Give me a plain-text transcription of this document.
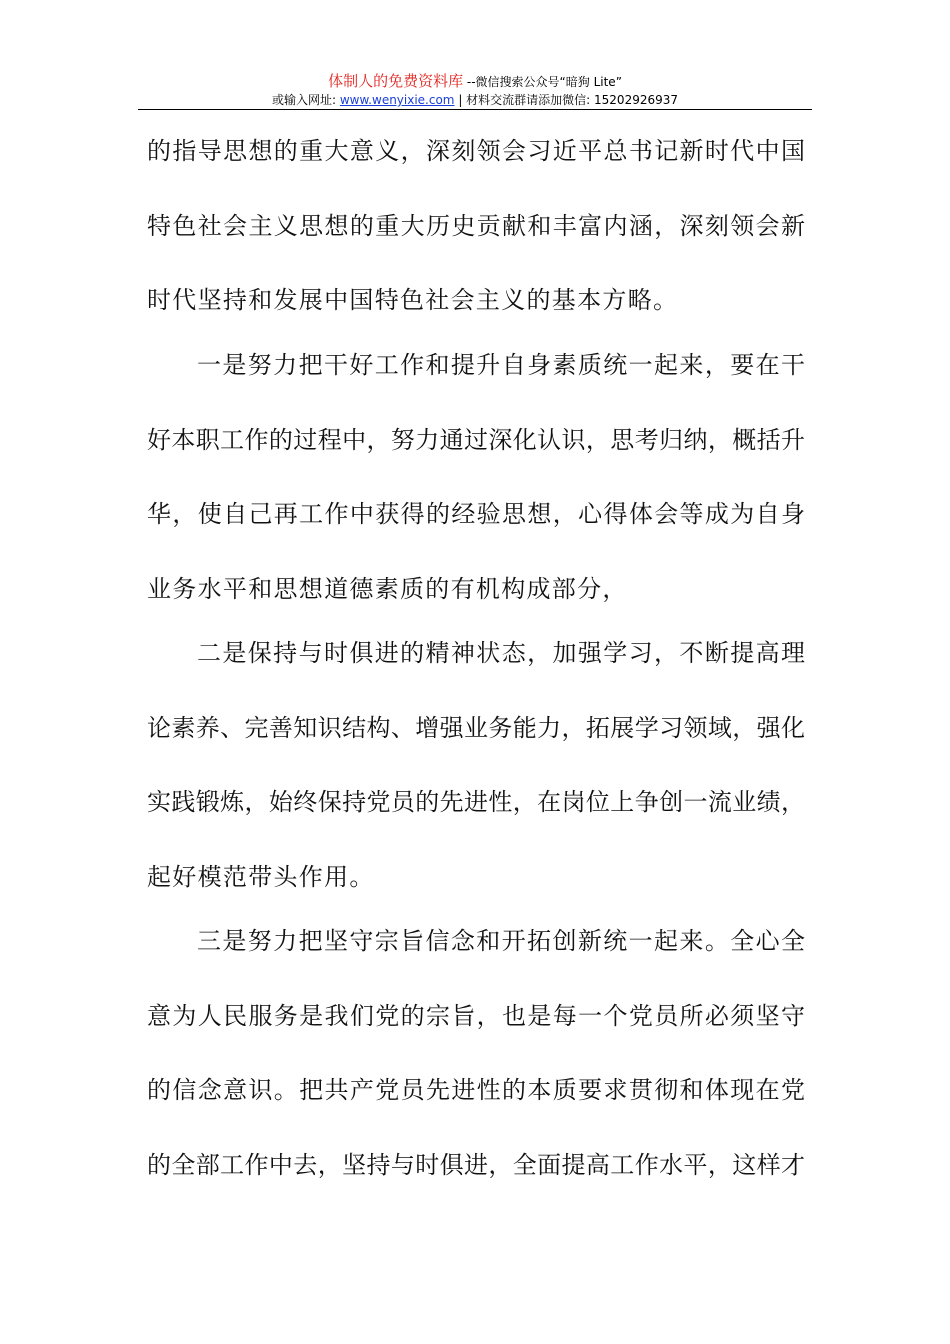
体制人的免费资料库 --微信搜索公众号“暗狗 Lite”
或输入网址: www.wenyixie.com | 材料交流群请添加微信: 15202926937
的指导思想的重大意义，深刻领会习近平总书记新时代中国
特色社会主义思想的重大历史贡献和丰富内涵，深刻领会新
时代坚持和发展中国特色社会主义的基本方略。
一是努力把干好工作和提升自身素质统一起来，要在干
好本职工作的过程中，努力通过深化认识，思考归纳，概括升
华，使自己再工作中获得的经验思想，心得体会等成为自身
业务水平和思想道德素质的有机构成部分，
二是保持与时俱进的精神状态，加强学习，不断提高理
论素养、完善知识结构、增强业务能力，拓展学习领域，强化
实践锻炼，始终保持党员的先进性，在岗位上争创一流业绩，
起好模范带头作用。
三是努力把坚守宗旨信念和开拓创新统一起来。全心全
意为人民服务是我们党的宗旨，也是每一个党员所必须坚守
的信念意识。把共产党员先进性的本质要求贯彻和体现在党
的全部工作中去，坚持与时俱进，全面提高工作水平，这样才
